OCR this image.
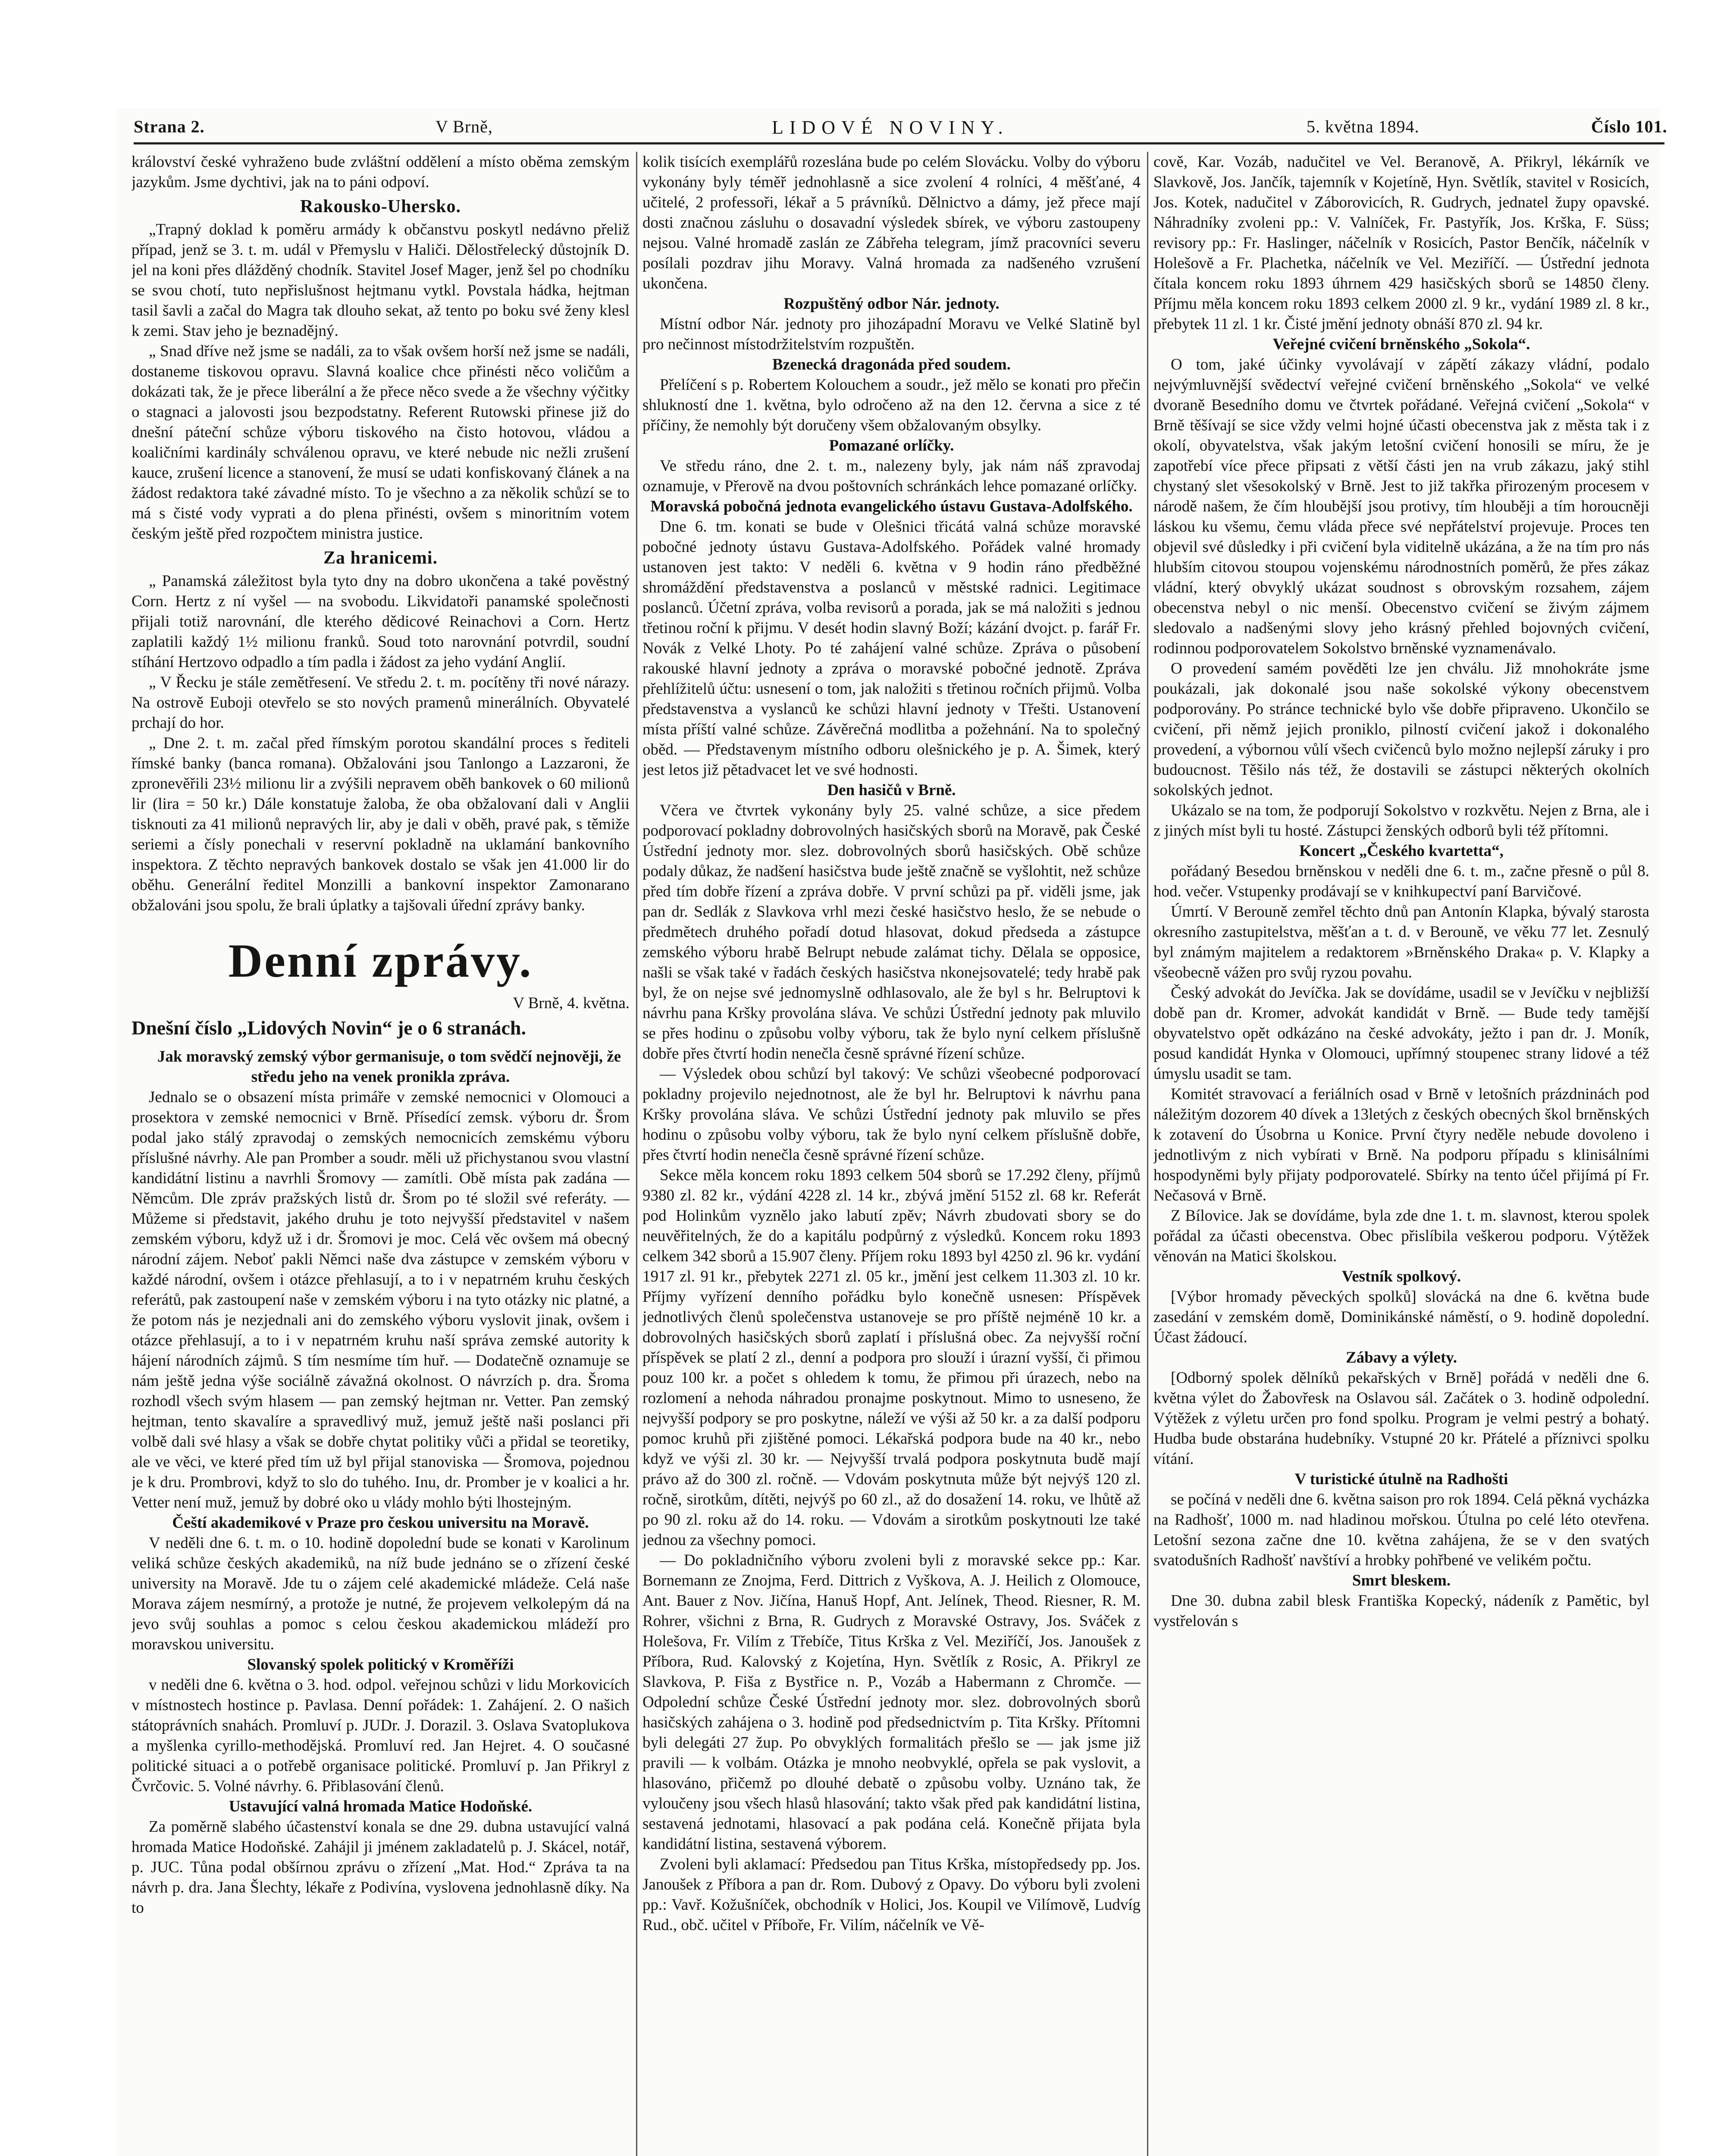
Strana 2.	V Brně,	LIDOVÉ NOVINY.	5. května 1894.	Číslo 101.

království české vyhraženo bude zvláštní oddělení a místo oběma zemským jazykům. Jsme dychtivi, jak na to páni odpoví.

Rakousko-Uhersko.

„Trapný doklad k poměru armády k občanstvu poskytl nedávno přeliž případ, jenž se 3. t. m. udál v Přemyslu v Haliči. Dělostřelecký důstojník D. jel na koni přes dlážděný chodník. Stavitel Josef Mager, jenž šel po chodníku se svou chotí, tuto nepřislušnost hejtmanu vytkl. Povstala hádka, hejtman tasil šavli a začal do Magra tak dlouho sekat, až tento po boku své ženy klesl k zemi. Stav jeho je beznadějný.

„ Snad dříve než jsme se nadáli, za to však ovšem horší než jsme se nadáli, dostaneme tiskovou opravu. Slavná koalice chce přinésti něco voličům a dokázati tak, že je přece liberální a že přece něco svede a že všechny výčitky o stagnaci a jalovosti jsou bezpodstatny. Referent Rutowski přinese již do dnešní páteční schůze výboru tiskového na čisto hotovou, vládou a koaličními kardinály schválenou opravu, ve které nebude nic nežli zrušení kauce, zrušení licence a stanovení, že musí se udati konfiskovaný článek a na žádost redaktora také závadné místo. To je všechno a za několik schůzí se to má s čisté vody vyprati a do plena přinésti, ovšem s minoritním votem českým ještě před rozpočtem ministra justice.

Za hranicemi.

„ Panamská záležitost byla tyto dny na dobro ukončena a také pověstný Corn. Hertz z ní vyšel — na svobodu. Likvidatoři panamské společnosti přijali totiž narovnání, dle kterého dědicové Reinachovi a Corn. Hertz zaplatili každý 1½ milionu franků. Soud toto narovnání potvrdil, soudní stíhání Hertzovo odpadlo a tím padla i žádost za jeho vydání Anglií.

„ V Řecku je stále zemětřesení. Ve středu 2. t. m. pocítěny tři nové nárazy. Na ostrově Euboji otevřelo se sto nových pramenů minerálních. Obyvatelé prchají do hor.

„ Dne 2. t. m. začal před římským porotou skandální proces s řediteli římské banky (banca romana). Obžalováni jsou Tanlongo a Lazzaroni, že zpronevěřili 23½ milionu lir a zvýšili nepravem oběh bankovek o 60 milionů lir (lira = 50 kr.) Dále konstatuje žaloba, že oba obžalovaní dali v Anglii tisknouti za 41 milionů nepravých lir, aby je dali v oběh, pravé pak, s těmiže seriemi a čísly ponechali v reservní pokladně na uklamání bankovního inspektora. Z těchto nepravých bankovek dostalo se však jen 41.000 lir do oběhu. Generální ředitel Monzilli a bankovní inspektor Zamonarano obžalováni jsou spolu, že brali úplatky a tajšovali úřední zprávy banky.

Denní zprávy.
V Brně, 4. května.
Dnešní číslo „Lidových Novin“ je o 6 stranách.

Jak moravský zemský výbor germanisuje, o tom svědčí nejnověji, že středu jeho na venek pronikla zpráva.

Jednalo se o obsazení místa primáře v zemské nemocnici v Olomouci a prosektora v zemské nemocnici v Brně. Přísedící zemsk. výboru dr. Šrom podal jako stálý zpravodaj o zemských nemocnicích zemskému výboru příslušné návrhy. Ale pan Promber a soudr. měli už přichystanou svou vlastní kandidátní listinu a navrhli Šromovy — zamítli. Obě místa pak zadána — Němcům. Dle zpráv pražských listů dr. Šrom po té složil své referáty. — Můžeme si představit, jakého druhu je toto nejvyšší představitel v našem zemském výboru, když už i dr. Šromovi je moc. Celá věc ovšem má obecný národní zájem. Neboť pakli Němci naše dva zástupce v zemském výboru v každé národní, ovšem i otázce přehlasují, a to i v nepatrném kruhu českých referátů, pak zastoupení naše v zemském výboru i na tyto otázky nic platné, a že potom nás je nezjednali ani do zemského výboru vyslovit jinak, ovšem i otázce přehlasují, a to i v nepatrném kruhu naší správa zemské autority k hájení národních zájmů. S tím nesmíme tím huř. — Dodatečně oznamuje se nám ještě jedna výše sociálně závažná okolnost. O návrzích p. dra. Šroma rozhodl všech svým hlasem — pan zemský hejtman nr. Vetter. Pan zemský hejtman, tento skavalíre a spravedlivý muž, jemuž ještě naši poslanci při volbě dali své hlasy a však se dobře chytat politiky vůči a přidal se teoretiky, ale ve věci, ve které před tím už byl přijal stanoviska — Šromova, pojednou je k dru. Prombrovi, když to slo do tuhého. Inu, dr. Promber je v koalici a hr. Vetter není muž, jemuž by dobré oko u vlády mohlo býti lhostejným.

Čeští akademikové v Praze pro českou universitu na Moravě.

V neděli dne 6. t. m. o 10. hodině dopolední bude se konati v Karolinum veliká schůze českých akademiků, na níž bude jednáno se o zřízení české university na Moravě. Jde tu o zájem celé akademické mládeže. Celá naše Morava zájem nesmírný, a protože je nutné, že projevem velkolepým dá na jevo svůj souhlas a pomoc s celou českou akademickou mládeží pro moravskou universitu.

Slovanský spolek politický v Kroměříži

v neděli dne 6. května o 3. hod. odpol. veřejnou schůzi v lidu Morkovicích v místnostech hostince p. Pavlasa. Denní pořádek: 1. Zahájení. 2. O našich státoprávních snahách. Promluví p. JUDr. J. Dorazil. 3. Oslava Svatoplukova a myšlenka cyrillo-methodějská. Promluví red. Jan Hejret. 4. O současné politické situaci a o potřebě organisace politické. Promluví p. Jan Přikryl z Čvrčovic. 5. Volné návrhy. 6. Přiblasování členů.

Ustavující valná hromada Matice Hodoňské.

Za poměrně slabého účastenství konala se dne 29. dubna ustavující valná hromada Matice Hodoňské. Zahájil ji jménem zakladatelů p. J. Skácel, notář, p. JUC. Tůna podal obšírnou zprávu o zřízení „Mat. Hod.“ Zpráva ta na návrh p. dra. Jana Šlechty, lékaře z Podivína, vyslovena jednohlasně díky. Na to

kolik tisících exemplářů rozeslána bude po celém Slovácku. Volby do výboru vykonány byly téměř jednohlasně a sice zvolení 4 rolníci, 4 měšťané, 4 učitelé, 2 professoři, lékař a 5 právníků. Dělnictvo a dámy, jež přece mají dosti značnou zásluhu o dosavadní výsledek sbírek, ve výboru zastoupeny nejsou. Valné hromadě zaslán ze Zábřeha telegram, jímž pracovníci severu posílali pozdrav jihu Moravy. Valná hromada za nadšeného vzrušení ukončena.

Rozpuštěný odbor Nár. jednoty.

Místní odbor Nár. jednoty pro jihozápadní Moravu ve Velké Slatině byl pro nečinnost místodržitelstvím rozpuštěn.

Bzenecká dragonáda před soudem.

Přelíčení s p. Robertem Kolouchem a soudr., jež mělo se konati pro přečin shlukností dne 1. května, bylo odročeno až na den 12. června a sice z té příčiny, že nemohly být doručeny všem obžalovaným obsylky.

Pomazané orlíčky.

Ve středu ráno, dne 2. t. m., nalezeny byly, jak nám náš zpravodaj oznamuje, v Přerově na dvou poštovních schránkách lehce pomazané orlíčky.

Moravská pobočná jednota evangelického ústavu Gustava-Adolfského.

Dne 6. tm. konati se bude v Olešnici třicátá valná schůze moravské pobočné jednoty ústavu Gustava-Adolfského. Pořádek valné hromady ustanoven jest takto: V neděli 6. května v 9 hodin ráno předběžné shromáždění představenstva a poslanců v městské radnici. Legitimace poslanců. Účetní zpráva, volba revisorů a porada, jak se má naložiti s jednou třetinou roční k přijmu. V desét hodin slavný Boží; kázání dvojct. p. farář Fr. Novák z Velké Lhoty. Po té zahájení valné schůze. Zpráva o působení rakouské hlavní jednoty a zpráva o moravské pobočné jednotě. Zpráva přehlížitelů účtu: usnesení o tom, jak naložiti s třetinou ročních přijmů. Volba představenstva a vyslanců ke schůzi hlavní jednoty v Třešti. Ustanovení místa příští valné schůze. Závěrečná modlitba a požehnání. Na to společný oběd. — Představenym místního odboru olešnického je p. A. Šimek, který jest letos již pětadvacet let ve své hodnosti.

Den hasičů v Brně.

Včera ve čtvrtek vykonány byly 25. valné schůze, a sice předem podporovací pokladny dobrovolných hasičských sborů na Moravě, pak České Ústřední jednoty mor. slez. dobrovolných sborů hasičských. Obě schůze podaly důkaz, že nadšení hasičstva bude ještě značně se vyšlohtit, než schůze před tím dobře řízení a zpráva dobře. V první schůzi pa př. viděli jsme, jak pan dr. Sedlák z Slavkova vrhl mezi české hasičstvo heslo, že se nebude o předmětech druhého pořadí dotud hlasovat, dokud předseda a zástupce zemského výboru hrabě Belrupt nebude zalámat tichy. Dělala se opposice, našli se však také v řadách českých hasičstva nkonejsovatelé; tedy hrabě pak byl, že on nejse své jednomyslně odhlasovalo, ale že byl s hr. Belruptovi k návrhu pana Kršky provolána sláva. Ve schůzi Ústřední jednoty pak mluvilo se přes hodinu o způsobu volby výboru, tak že bylo nyní celkem příslušně dobře přes čtvrtí hodin nenečla česně správné řízení schůze.

— Výsledek obou schůzí byl takový: Ve schůzi všeobecné podporovací pokladny projevilo nejednotnost, ale že byl hr. Belruptovi k návrhu pana Kršky provolána sláva. Ve schůzi Ústřední jednoty pak mluvilo se přes hodinu o způsobu volby výboru, tak že bylo nyní celkem příslušně dobře, přes čtvrtí hodin nenečla česně správné řízení schůze.

Sekce měla koncem roku 1893 celkem 504 sborů se 17.292 členy, příjmů 9380 zl. 82 kr., výdání 4228 zl. 14 kr., zbývá jmění 5152 zl. 68 kr. Referát pod Holinkům vyznělo jako labutí zpěv; Návrh zbudovati sbory se do neuvěřitelných, že do a kapitálu podpůrný z výsledků. Koncem roku 1893 celkem 342 sborů a 15.907 členy. Příjem roku 1893 byl 4250 zl. 96 kr. vydání 1917 zl. 91 kr., přebytek 2271 zl. 05 kr., jmění jest celkem 11.303 zl. 10 kr. Příjmy vyřízení denního pořádku bylo konečně usnesen: Příspěvek jednotlivých členů společenstva ustanoveje se pro příště nejméně 10 kr. a dobrovolných hasičských sborů zaplatí i příslušná obec. Za nejvyšší roční příspěvek se platí 2 zl., denní a podpora pro slouží i úrazní vyšší, či přimou pouz 100 kr. a počet s ohledem k tomu, že přimou při úrazech, nebo na rozlomení a nehoda náhradou pronajme poskytnout. Mimo to usneseno, že nejvyšší podpory se pro poskytne, náleží ve výši až 50 kr. a za další podporu pomoc kruhů při zjištěné pomoci. Lékařská podpora bude na 40 kr., nebo když ve výši zl. 30 kr. — Nejvyšší trvalá podpora poskytnuta budě mají právo až do 300 zl. ročně. — Vdovám poskytnuta může být nejvýš 120 zl. ročně, sirotkům, dítěti, nejvýš po 60 zl., až do dosažení 14. roku, ve lhůtě až po 90 zl. roku až do 14. roku. — Vdovám a sirotkům poskytnouti lze také jednou za všechny pomoci.

— Do pokladničního výboru zvoleni byli z moravské sekce pp.: Kar. Bornemann ze Znojma, Ferd. Dittrich z Vyškova, A. J. Heilich z Olomouce, Ant. Bauer z Nov. Jičína, Hanuš Hopf, Ant. Jelínek, Theod. Riesner, R. M. Rohrer, všichni z Brna, R. Gudrych z Moravské Ostravy, Jos. Sváček z Holešova, Fr. Vilím z Třebíče, Titus Krška z Vel. Meziříčí, Jos. Janoušek z Příbora, Rud. Kalovský z Kojetína, Hyn. Světlík z Rosic, A. Přikryl ze Slavkova, P. Fiša z Bystřice n. P., Vozáb a Habermann z Chromče. — Odpolední schůze České Ústřední jednoty mor. slez. dobrovolných sborů hasičských zahájena o 3. hodině pod předsednictvím p. Tita Kršky. Přítomni byli delegáti 27 žup. Po obvyklých formalitách přešlo se — jak jsme již pravili — k volbám. Otázka je mnoho neobvyklé, opřela se pak vyslovit, a hlasováno, přičemž po dlouhé debatě o způsobu volby. Uznáno tak, že vyloučeny jsou všech hlasů hlasování; takto však před pak kandidátní listina, sestavená jednotami, hlasovací a pak podána celá. Konečně přijata byla kandidátní listina, sestavená výborem.

Zvoleni byli aklamací: Předsedou pan Titus Krška, místopředsedy pp. Jos. Janoušek z Příbora a pan dr. Rom. Dubový z Opavy. Do výboru byli zvoleni pp.: Vavř. Kožušníček, obchodník v Holici, Jos. Koupil ve Vilímově, Ludvíg Rud., obč. učitel v Příboře, Fr. Vilím, náčelník ve Vě-

cově, Kar. Vozáb, nadučitel ve Vel. Beranově, A. Přikryl, lékárník ve Slavkově, Jos. Jančík, tajemník v Kojetíně, Hyn. Světlík, stavitel v Rosicích, Jos. Kotek, nadučitel v Záborovicích, R. Gudrych, jednatel župy opavské. Náhradníky zvoleni pp.: V. Valníček, Fr. Pastyřík, Jos. Krška, F. Süss; revisory pp.: Fr. Haslinger, náčelník v Rosicích, Pastor Benčík, náčelník v Holešově a Fr. Plachetka, náčelník ve Vel. Meziříčí. — Ústřední jednota čítala koncem roku 1893 úhrnem 429 hasičských sborů se 14850 členy. Příjmu měla koncem roku 1893 celkem 2000 zl. 9 kr., vydání 1989 zl. 8 kr., přebytek 11 zl. 1 kr. Čisté jmění jednoty obnáší 870 zl. 94 kr.

Veřejné cvičení brněnského „Sokola“.

O tom, jaké účinky vyvolávají v zápětí zákazy vládní, podalo nejvýmluvnější svědectví veřejné cvičení brněnského „Sokola“ ve velké dvoraně Besedního domu ve čtvrtek pořádané. Veřejná cvičení „Sokola“ v Brně těšívají se sice vždy velmi hojné účasti obecenstva jak z města tak i z okolí, obyvatelstva, však jakým letošní cvičení honosili se míru, že je zapotřebí více přece připsati z větší části jen na vrub zákazu, jaký stihl chystaný slet všesokolský v Brně. Jest to již takřka přirozeným procesem v národě našem, že čím hloubější jsou protivy, tím hlouběji a tím horoucněji láskou ku všemu, čemu vláda přece své nepřátelství projevuje. Proces ten objevil své důsledky i při cvičení byla viditelně ukázána, a že na tím pro nás hlubším citovou stoupou vojenskému národnostních poměrů, že přes zákaz vládní, který obvyklý ukázat soudnost s obrovským rozsahem, zájem obecenstva nebyl o nic menší. Obecenstvo cvičení se živým zájmem sledovalo a nadšenými slovy jeho krásný přehled bojovných cvičení, rodinnou podporovatelem Sokolstvo brněnské vyznamenávalo.

O provedení samém pověděti lze jen chválu. Již mnohokráte jsme poukázali, jak dokonalé jsou naše sokolské výkony obecenstvem podporovány. Po stránce technické bylo vše dobře připraveno. Ukončilo se cvičení, při němž jejich proniklo, pilností cvičení jakož i dokonalého provedení, a výbornou vůlí všech cvičenců bylo možno nejlepší záruky i pro budoucnost. Těšilo nás též, že dostavili se zástupci některých okolních sokolských jednot.

Ukázalo se na tom, že podporují Sokolstvo v rozkvětu. Nejen z Brna, ale i z jiných míst byli tu hosté. Zástupci ženských odborů byli též přítomni.

Koncert „Českého kvartetta“,

pořádaný Besedou brněnskou v neděli dne 6. t. m., začne přesně o půl 8. hod. večer. Vstupenky prodávají se v knihkupectví paní Barvičové.

Úmrtí. V Berouně zemřel těchto dnů pan Antonín Klapka, bývalý starosta okresního zastupitelstva, měšťan a t. d. v Berouně, ve věku 77 let. Zesnulý byl známým majitelem a redaktorem »Brněnského Draka« p. V. Klapky a všeobecně vážen pro svůj ryzou povahu.

Český advokát do Jevíčka. Jak se dovídáme, usadil se v Jevíčku v nejbližší době pan dr. Kromer, advokát kandidát v Brně. — Bude tedy tamější obyvatelstvo opět odkázáno na české advokáty, ježto i pan dr. J. Moník, posud kandidát Hynka v Olomouci, upřímný stoupenec strany lidové a též úmyslu usadit se tam.

Komitét stravovací a feriálních osad v Brně v letošních prázdninách pod náležitým dozorem 40 dívek a 13letých z českých obecných škol brněnských k zotavení do Úsobrna u Konice. První čtyry neděle nebude dovoleno i jednotlivým z nich vybírati v Brně. Na podporu případu s klinisálními hospodyněmi byly přijaty podporovatelé. Sbírky na tento účel přijímá pí Fr. Nečasová v Brně.

Z Bílovice. Jak se dovídáme, byla zde dne 1. t. m. slavnost, kterou spolek pořádal za účasti obecenstva. Obec přislíbila veškerou podporu. Výtěžek věnován na Matici školskou.

Vestník spolkový.

[Výbor hromady pěveckých spolků] slovácká na dne 6. května bude zasedání v zemském domě, Dominikánské náměstí, o 9. hodině dopolední. Účast žádoucí.

Zábavy a výlety.

[Odborný spolek dělníků pekařských v Brně] pořádá v neděli dne 6. května výlet do Žabovřesk na Oslavou sál. Začátek o 3. hodině odpolední. Výtěžek z výletu určen pro fond spolku. Program je velmi pestrý a bohatý. Hudba bude obstarána hudebníky. Vstupné 20 kr. Přátelé a příznivci spolku vítání.

V turistické útulně na Radhošti

se počíná v neděli dne 6. května saison pro rok 1894. Celá pěkná vycházka na Radhošť, 1000 m. nad hladinou mořskou. Útulna po celé léto otevřena. Letošní sezona začne dne 10. května zahájena, že se v den svatých svatodušních Radhošť navštíví a hrobky pohřbené ve velikém počtu.

Smrt bleskem.

Dne 30. dubna zabil blesk Františka Kopecký, nádeník z Pamětic, byl vystřelován s
